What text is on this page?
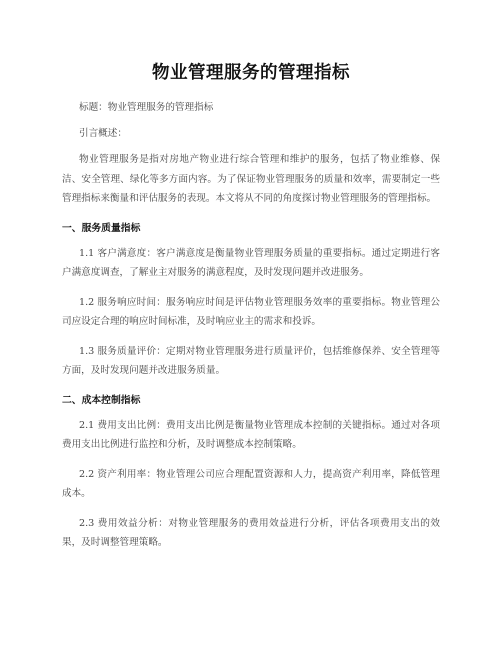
物业管理服务的管理指标
标题：物业管理服务的管理指标
引言概述：
物业管理服务是指对房地产物业进行综合管理和维护的服务，包括了物业维修、保洁、安全管理、绿化等多方面内容。为了保证物业管理服务的质量和效率，需要制定一些管理指标来衡量和评估服务的表现。本文将从不同的角度探讨物业管理服务的管理指标。
一、服务质量指标
1.1 客户满意度：客户满意度是衡量物业管理服务质量的重要指标。通过定期进行客户满意度调查，了解业主对服务的满意程度，及时发现问题并改进服务。
1.2 服务响应时间：服务响应时间是评估物业管理服务效率的重要指标。物业管理公司应设定合理的响应时间标准，及时响应业主的需求和投诉。
1.3 服务质量评价：定期对物业管理服务进行质量评价，包括维修保养、安全管理等方面，及时发现问题并改进服务质量。
二、成本控制指标
2.1 费用支出比例：费用支出比例是衡量物业管理成本控制的关键指标。通过对各项费用支出比例进行监控和分析，及时调整成本控制策略。
2.2 资产利用率：物业管理公司应合理配置资源和人力，提高资产利用率，降低管理成本。
2.3 费用效益分析：对物业管理服务的费用效益进行分析，评估各项费用支出的效果，及时调整管理策略。
